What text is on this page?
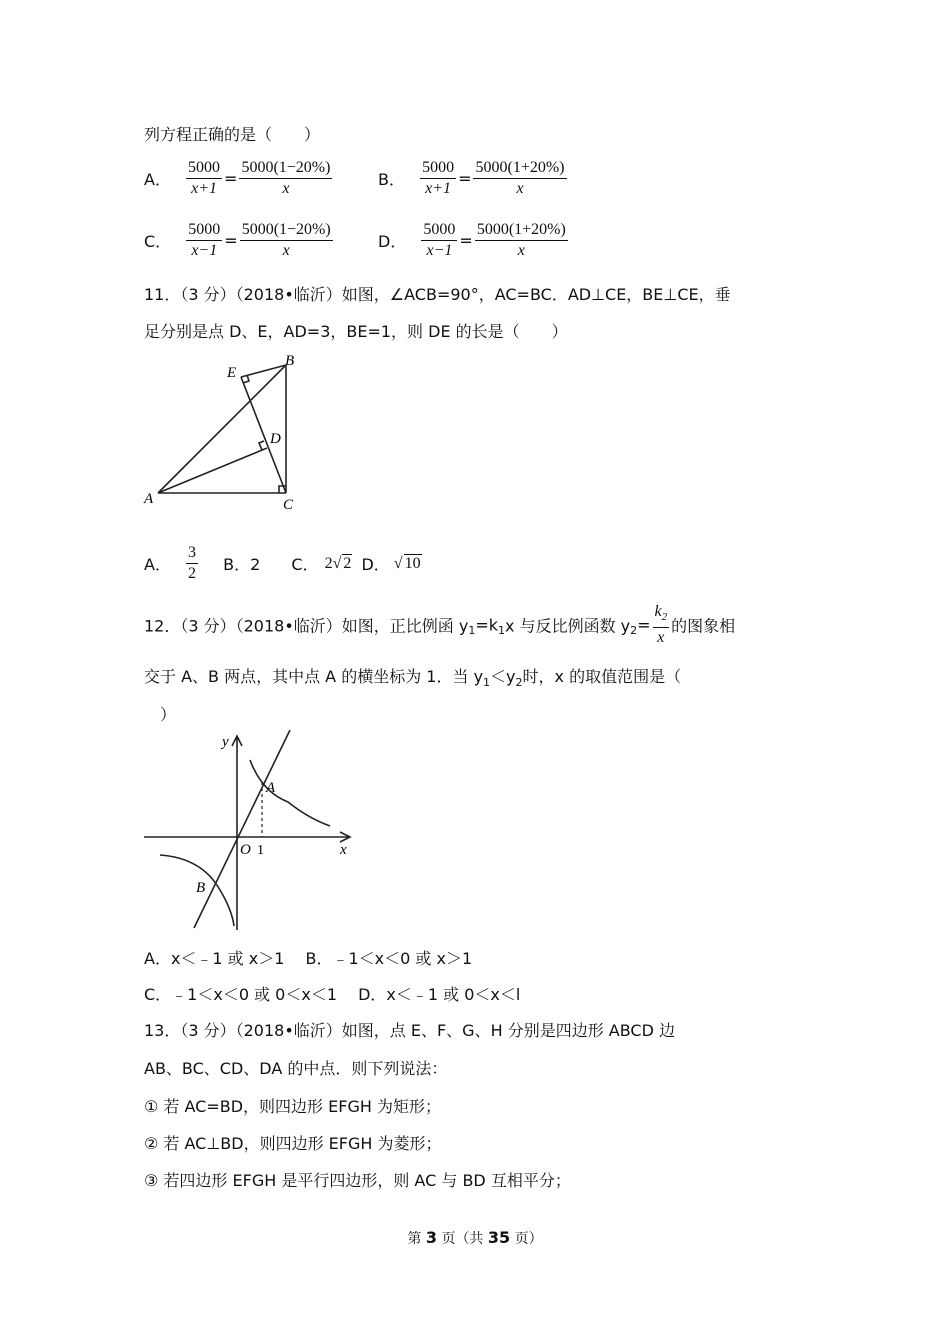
列方程正确的是（　　）
A． $\frac{5000}{x+1} = \frac{5000(1-20\%)}{x}$	B． $\frac{5000}{x+1} = \frac{5000(1+20\%)}{x}$
C． $\frac{5000}{x-1} = \frac{5000(1-20\%)}{x}$	D． $\frac{5000}{x-1} = \frac{5000(1+20\%)}{x}$
11．（3 分）（2018•临沂）如图，∠ACB=90°，AC=BC．AD⊥CE，BE⊥CE，垂
足分别是点 D、E，AD=3，BE=1，则 DE 的长是（　　）
A
B
C
D
E
A． $\frac{3}{2}$ B．2 C． 2√ 2 D． √ 10
12．（3 分）（2018•临沂）如图，正比例函 $y_1=k_1x$ 与反比例函数 $y_2= \frac{k_2}{x}$ 的图象相
交于 A、B 两点，其中点 A 的横坐标为 1．当 $y_1<y_2$时，x 的取值范围是（
　）
y
x
O 1
A
B
A．x＜﹣1 或 x＞1　 B．﹣1＜x＜0 或 x＞1
C．﹣1＜x＜0 或 0＜x＜1　 D．x＜﹣1 或 0＜x＜l
13．（3 分）（2018•临沂）如图，点 E、F、G、H 分别是四边形 ABCD 边
AB、BC、CD、DA 的中点．则下列说法：
① 若 AC=BD，则四边形 EFGH 为矩形；
② 若 AC⊥BD，则四边形 EFGH 为菱形；
③ 若四边形 EFGH 是平行四边形，则 AC 与 BD 互相平分；
第 3 页（共 35 页）
